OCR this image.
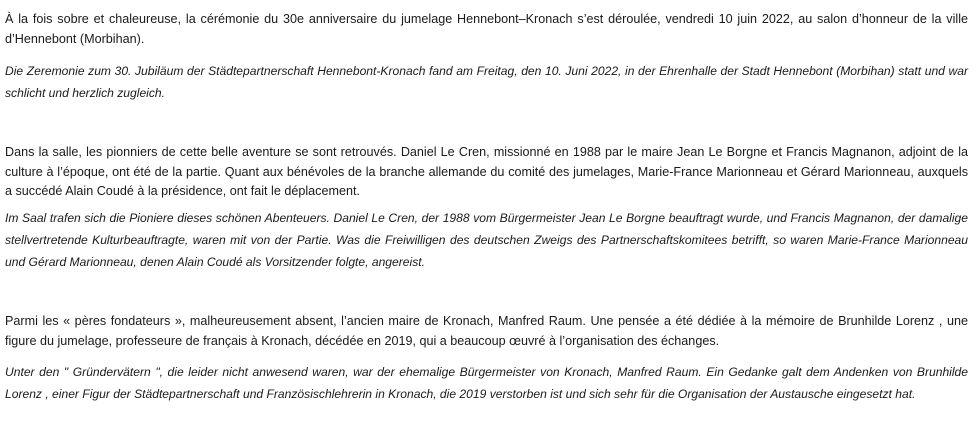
À la fois sobre et chaleureuse, la cérémonie du 30e anniversaire du jumelage Hennebont–Kronach s’est déroulée, vendredi 10 juin 2022, au salon d’honneur de la ville d’Hennebont (Morbihan).

Die Zeremonie zum 30. Jubiläum der Städtepartnerschaft Hennebont-Kronach fand am Freitag, den 10. Juni 2022, in der Ehrenhalle der Stadt Hennebont (Morbihan) statt und war schlicht und herzlich zugleich.

Dans la salle, les pionniers de cette belle aventure se sont retrouvés. Daniel Le Cren, missionné en 1988 par le maire Jean Le Borgne et Francis Magnanon, adjoint de la culture à l’époque, ont été de la partie. Quant aux bénévoles de la branche allemande du comité des jumelages, Marie-France Marionneau et Gérard Marionneau, auxquels a succédé Alain Coudé à la présidence, ont fait le déplacement.

Im Saal trafen sich die Pioniere dieses schönen Abenteuers. Daniel Le Cren, der 1988 vom Bürgermeister Jean Le Borgne beauftragt wurde, und Francis Magnanon, der damalige stellvertretende Kulturbeauftragte, waren mit von der Partie. Was die Freiwilligen des deutschen Zweigs des Partnerschaftskomitees betrifft, so waren Marie-France Marionneau und Gérard Marionneau, denen Alain Coudé als Vorsitzender folgte, angereist.

Parmi les « pères fondateurs », malheureusement absent, l’ancien maire de Kronach, Manfred Raum. Une pensée a été dédiée à la mémoire de Brunhilde Lorenz , une figure du jumelage, professeure de français à Kronach, décédée en 2019, qui a beaucoup œuvré à l’organisation des échanges.

Unter den " Gründervätern ", die leider nicht anwesend waren, war der ehemalige Bürgermeister von Kronach, Manfred Raum. Ein Gedanke galt dem Andenken von Brunhilde Lorenz , einer Figur der Städtepartnerschaft und Französischlehrerin in Kronach, die 2019 verstorben ist und sich sehr für die Organisation der Austausche eingesetzt hat.
